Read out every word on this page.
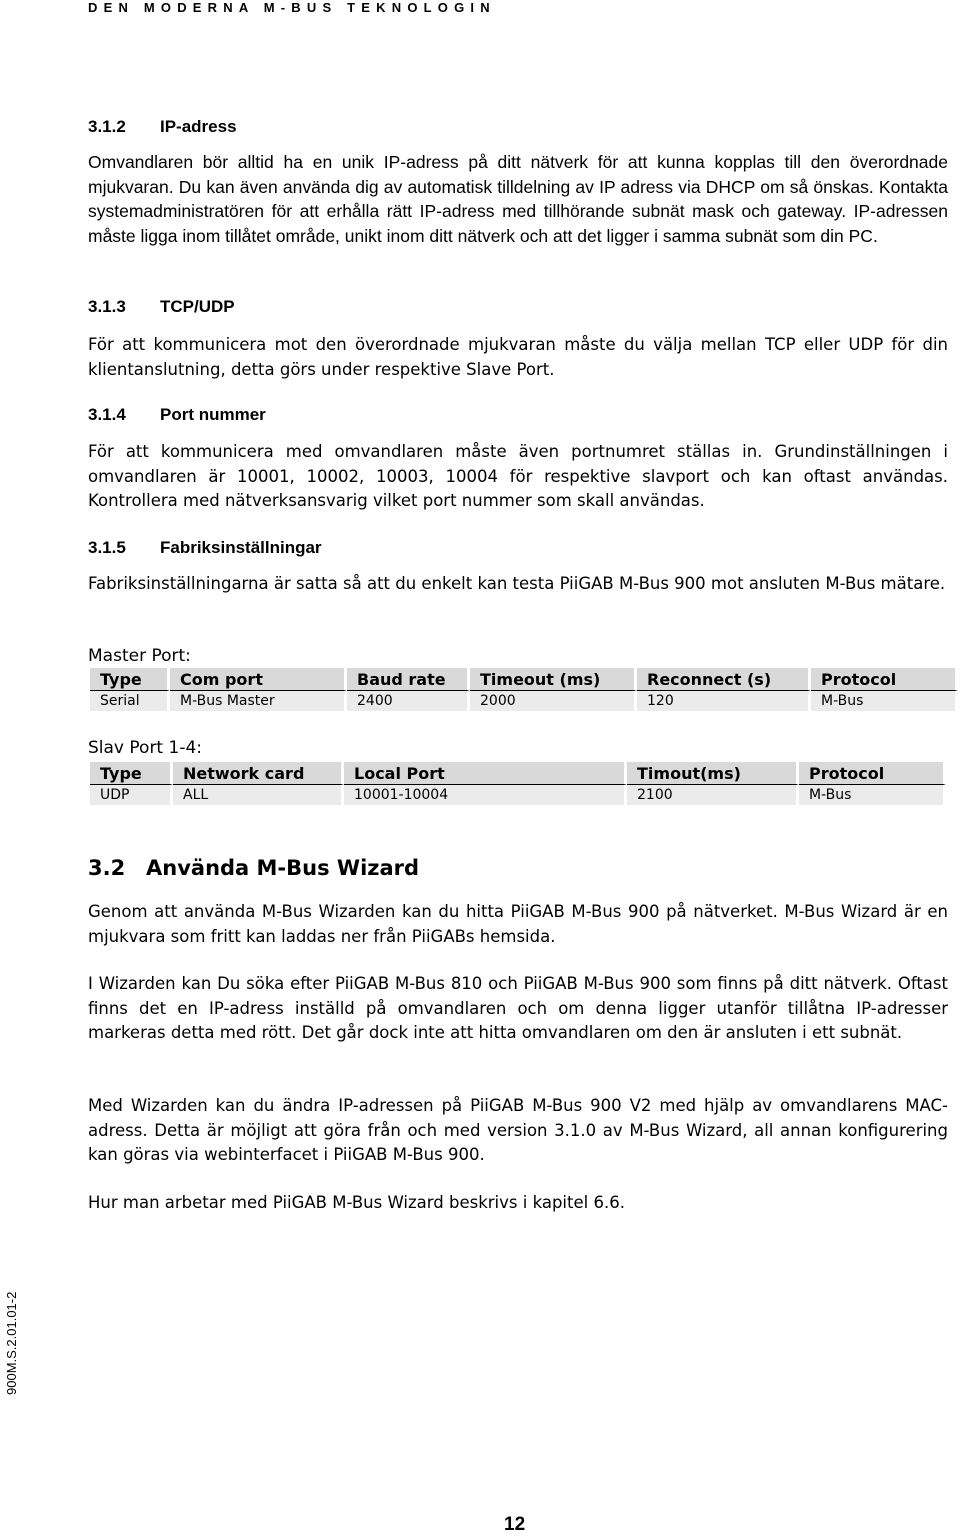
DEN MODERNA M-BUS TEKNOLOGIN
3.1.2 IP-adress
Omvandlaren bör alltid ha en unik IP-adress på ditt nätverk för att kunna kopplas till den överordnade mjukvaran. Du kan även använda dig av automatisk tilldelning av IP adress via DHCP om så önskas. Kontakta systemadministratören för att erhålla rätt IP-adress med tillhörande subnät mask och gateway. IP-adressen måste ligga inom tillåtet område, unikt inom ditt nätverk och att det ligger i samma subnät som din PC.
3.1.3 TCP/UDP
För att kommunicera mot den överordnade mjukvaran måste du välja mellan TCP eller UDP för din klientanslutning, detta görs under respektive Slave Port.
3.1.4 Port nummer
För att kommunicera med omvandlaren måste även portnumret ställas in. Grundinställningen i omvandlaren är 10001, 10002, 10003, 10004 för respektive slavport och kan oftast användas. Kontrollera med nätverksansvarig vilket port nummer som skall användas.
3.1.5 Fabriksinställningar
Fabriksinställningarna är satta så att du enkelt kan testa PiiGAB M-Bus 900 mot ansluten M-Bus mätare.
Master Port:
Type	Com port	Baud rate	Timeout (ms)	Reconnect (s)	Protocol
Serial	M-Bus Master	2400	2000	120	M-Bus
Slav Port 1-4:
Type	Network card	Local Port	Timout(ms)	Protocol
UDP	ALL	10001-10004	2100	M-Bus
3.2 Använda M-Bus Wizard
Genom att använda M-Bus Wizarden kan du hitta PiiGAB M-Bus 900 på nätverket. M-Bus Wizard är en mjukvara som fritt kan laddas ner från PiiGABs hemsida.
I Wizarden kan Du söka efter PiiGAB M-Bus 810 och PiiGAB M-Bus 900 som finns på ditt nätverk. Oftast finns det en IP-adress inställd på omvandlaren och om denna ligger utanför tillåtna IP-adresser markeras detta med rött. Det går dock inte att hitta omvandlaren om den är ansluten i ett subnät.
Med Wizarden kan du ändra IP-adressen på PiiGAB M-Bus 900 V2 med hjälp av omvandlarens MAC-adress. Detta är möjligt att göra från och med version 3.1.0 av M-Bus Wizard, all annan konfigurering kan göras via webinterfacet i PiiGAB M-Bus 900.
Hur man arbetar med PiiGAB M-Bus Wizard beskrivs i kapitel 6.6.
900M.S.2.01.01-2
12
